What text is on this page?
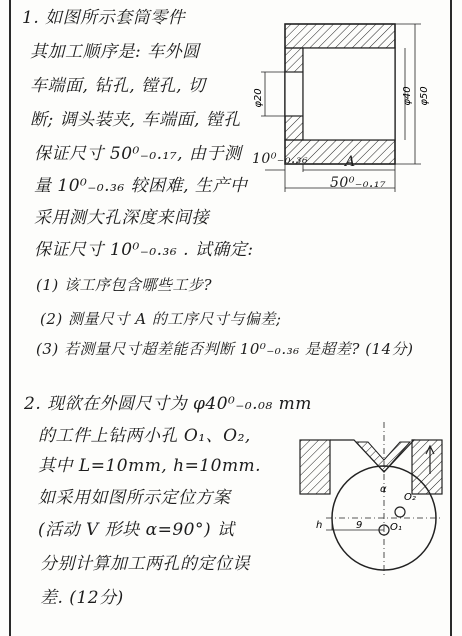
1. 如图所示套筒零件
其加工顺序是: 车外圆
车端面, 钻孔, 镗孔, 切
断; 调头装夹, 车端面, 镗孔
保证尺寸 50⁰₋₀.₁₇, 由于测
量 10⁰₋₀.₃₆ 较困难, 生产中
采用测大孔深度来间接
保证尺寸 10⁰₋₀.₃₆ . 试确定:
(1) 该工序包含哪些工步?
(2) 测量尺寸 A 的工序尺寸与偏差;
(3) 若测量尺寸超差能否判断 10⁰₋₀.₃₆ 是超差? (14分)
φ20	φ40 φ50
10⁰₋₀.₃₆	A
50⁰₋₀.₁₇
2. 现欲在外圆尺寸为 φ40⁰₋₀.₀₈ mm
的工件上钻两小孔 O₁、O₂,
其中 L=10mm, h=10mm.
如采用如图所示定位方案
(活动 V 形块 α=90°) 试
分别计算加工两孔的定位误
差. (12分)
α
O₂
O₁
h	9
